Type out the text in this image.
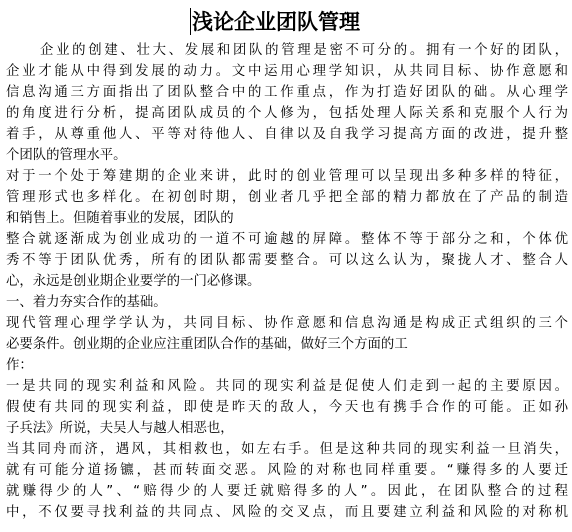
浅论企业团队管理
企业的创建、壮大、发展和团队的管理是密不可分的。拥有一个好的团队，
企业才能从中得到发展的动力。文中运用心理学知识，从共同目标、协作意愿和
信息沟通三方面指出了团队整合中的工作重点，作为打造好团队的础。从心理学
的角度进行分析，提高团队成员的个人修为，包括处理人际关系和克服个人行为
着手，从尊重他人、平等对待他人、自律以及自我学习提高方面的改进，提升整
个团队的管理水平。
对于一个处于筹建期的企业来讲，此时的创业管理可以呈现出多种多样的特征，
管理形式也多样化。在初创时期，创业者几乎把全部的精力都放在了产品的制造
和销售上。但随着事业的发展，团队的
整合就逐渐成为创业成功的一道不可逾越的屏障。整体不等于部分之和，个体优
秀不等于团队优秀，所有的团队都需要整合。可以这么认为，聚拢人才、整合人
心，永远是创业期企业要学的一门必修课。
一、着力夯实合作的基础。
现代管理心理学学认为，共同目标、协作意愿和信息沟通是构成正式组织的三个
必要条件。创业期的企业应注重团队合作的基础，做好三个方面的工
作：
一是共同的现实利益和风险。共同的现实利益是促使人们走到一起的主要原因。
假使有共同的现实利益，即使是昨天的敌人，今天也有携手合作的可能。正如孙
子兵法》所说，夫吴人与越人相恶也，
当其同舟而济，遇风，其相救也，如左右手。但是这种共同的现实利益一旦消失，
就有可能分道扬镳，甚而转面交恶。风险的对称也同样重要。“赚得多的人要迁
就赚得少的人”、“赔得少的人要迁就赔得多的人”。因此，在团队整合的过程
中，不仅要寻找利益的共同点、风险的交叉点，而且要建立利益和风险的对称机
